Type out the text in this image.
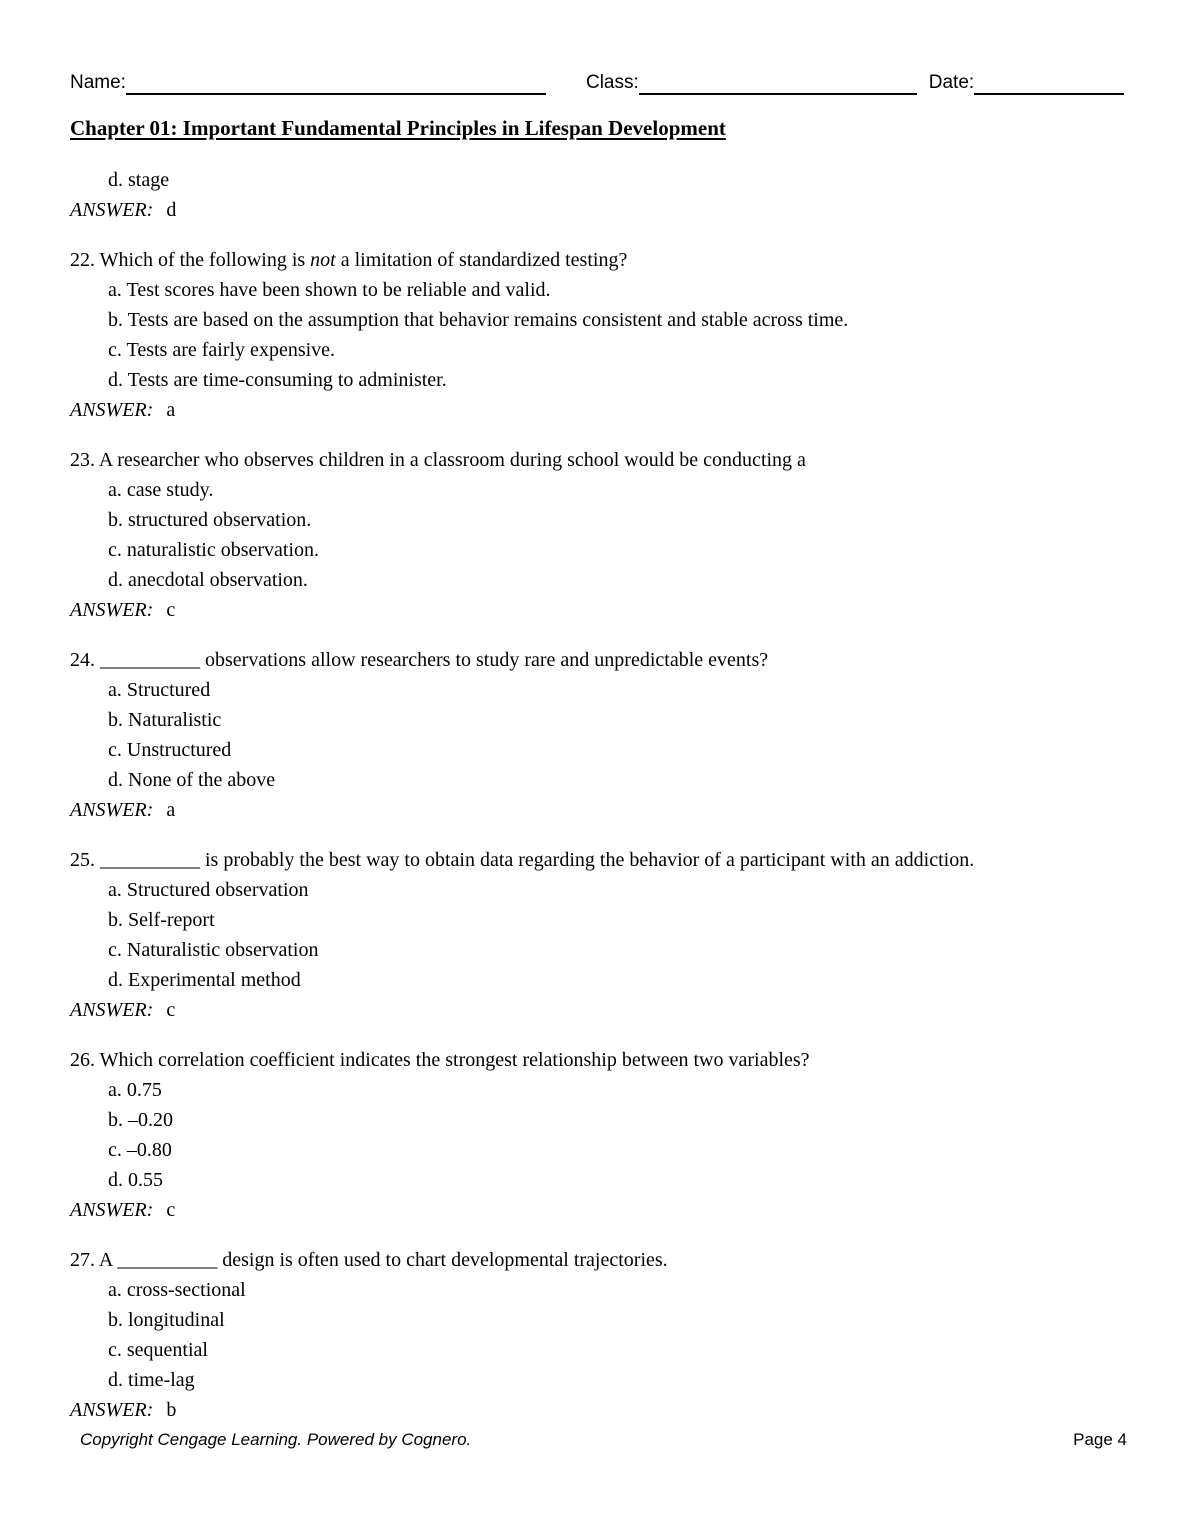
Name:	Class:	Date:
Chapter 01: Important Fundamental Principles in Lifespan Development
d. stage
ANSWER: d
22. Which of the following is not a limitation of standardized testing?
a. Test scores have been shown to be reliable and valid.
b. Tests are based on the assumption that behavior remains consistent and stable across time.
c. Tests are fairly expensive.
d. Tests are time-consuming to administer.
ANSWER: a
23. A researcher who observes children in a classroom during school would be conducting a
a. case study.
b. structured observation.
c. naturalistic observation.
d. anecdotal observation.
ANSWER: c
24. __________ observations allow researchers to study rare and unpredictable events?
a. Structured
b. Naturalistic
c. Unstructured
d. None of the above
ANSWER: a
25. __________ is probably the best way to obtain data regarding the behavior of a participant with an addiction.
a. Structured observation
b. Self-report
c. Naturalistic observation
d. Experimental method
ANSWER: c
26. Which correlation coefficient indicates the strongest relationship between two variables?
a. 0.75
b. –0.20
c. –0.80
d. 0.55
ANSWER: c
27. A __________ design is often used to chart developmental trajectories.
a. cross-sectional
b. longitudinal
c. sequential
d. time-lag
ANSWER: b
Copyright Cengage Learning. Powered by Cognero.	Page 4
